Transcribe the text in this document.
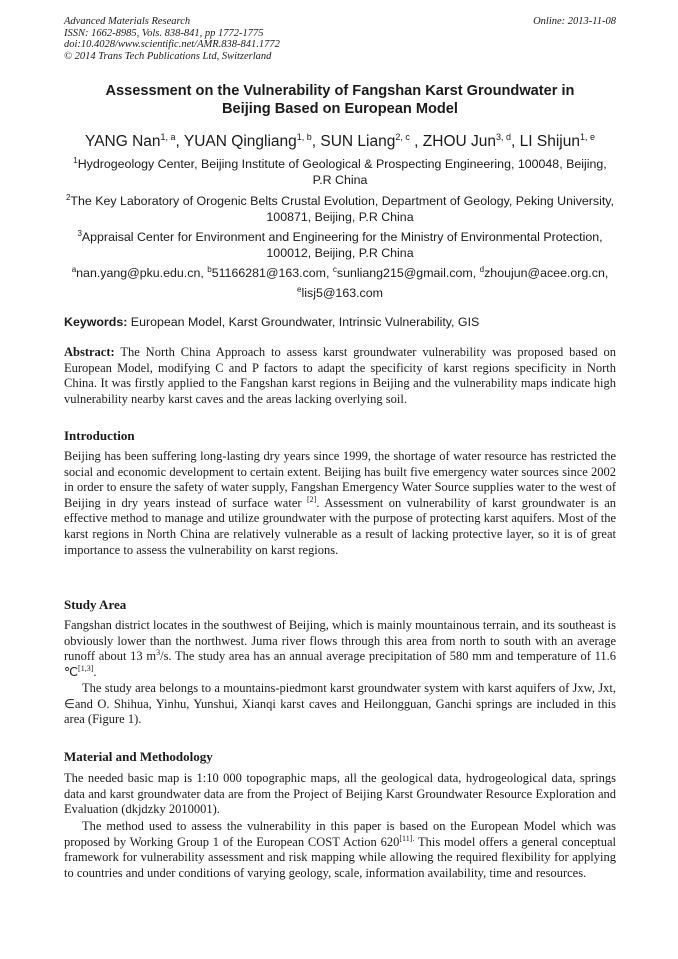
Advanced Materials Research
ISSN: 1662-8985, Vols. 838-841, pp 1772-1775
doi:10.4028/www.scientific.net/AMR.838-841.1772
© 2014 Trans Tech Publications Ltd, Switzerland
Online: 2013-11-08
Assessment on the Vulnerability of Fangshan Karst Groundwater in
Beijing Based on European Model
YANG Nan$^{1, a}$, YUAN Qingliang$^{1, b}$, SUN Liang$^{2, c}$ , ZHOU Jun$^{3, d}$, LI Shijun$^{1, e}$
$^1$Hydrogeology Center, Beijing Institute of Geological & Prospecting Engineering, 100048, Beijing,
P.R China
$^2$The Key Laboratory of Orogenic Belts Crustal Evolution, Department of Geology, Peking University,
100871, Beijing, P.R China
$^3$Appraisal Center for Environment and Engineering for the Ministry of Environmental Protection,
100012, Beijing, P.R China
$^a$nan.yang@pku.edu.cn, $^b$51166281@163.com, $^c$sunliang215@gmail.com, $^d$zhoujun@acee.org.cn,
$^e$lisj5@163.com
Keywords: European Model, Karst Groundwater, Intrinsic Vulnerability, GIS
Abstract: The North China Approach to assess karst groundwater vulnerability was proposed based on European Model, modifying C and P factors to adapt the specificity of karst regions specificity in North China. It was firstly applied to the Fangshan karst regions in Beijing and the vulnerability maps indicate high vulnerability nearby karst caves and the areas lacking overlying soil.
Introduction
Beijing has been suffering long-lasting dry years since 1999, the shortage of water resource has restricted the social and economic development to certain extent. Beijing has built five emergency water sources since 2002 in order to ensure the safety of water supply, Fangshan Emergency Water Source supplies water to the west of Beijing in dry years instead of surface water [2]. Assessment on vulnerability of karst groundwater is an effective method to manage and utilize groundwater with the purpose of protecting karst aquifers. Most of the karst regions in North China are relatively vulnerable as a result of lacking protective layer, so it is of great importance to assess the vulnerability on karst regions.
Study Area
Fangshan district locates in the southwest of Beijing, which is mainly mountainous terrain, and its southeast is obviously lower than the northwest. Juma river flows through this area from north to south with an average runoff about 13 $m^3/s$. The study area has an annual average precipitation of 580 mm and temperature of 11.6 ℃[1,3].
The study area belongs to a mountains-piedmont karst groundwater system with karst aquifers of Jxw, Jxt, ∈and O. Shihua, Yinhu, Yunshui, Xianqi karst caves and Heilongguan, Ganchi springs are included in this area (Figure 1).
Material and Methodology
The needed basic map is 1:10 000 topographic maps, all the geological data, hydrogeological data, springs data and karst groundwater data are from the Project of Beijing Karst Groundwater Resource Exploration and Evaluation (dkjdzky 2010001).
The method used to assess the vulnerability in this paper is based on the European Model which was proposed by Working Group 1 of the European COST Action $620^{[11].}$ This model offers a general conceptual framework for vulnerability assessment and risk mapping while allowing the required flexibility for applying to countries and under conditions of varying geology, scale, information availability, time and resources.
